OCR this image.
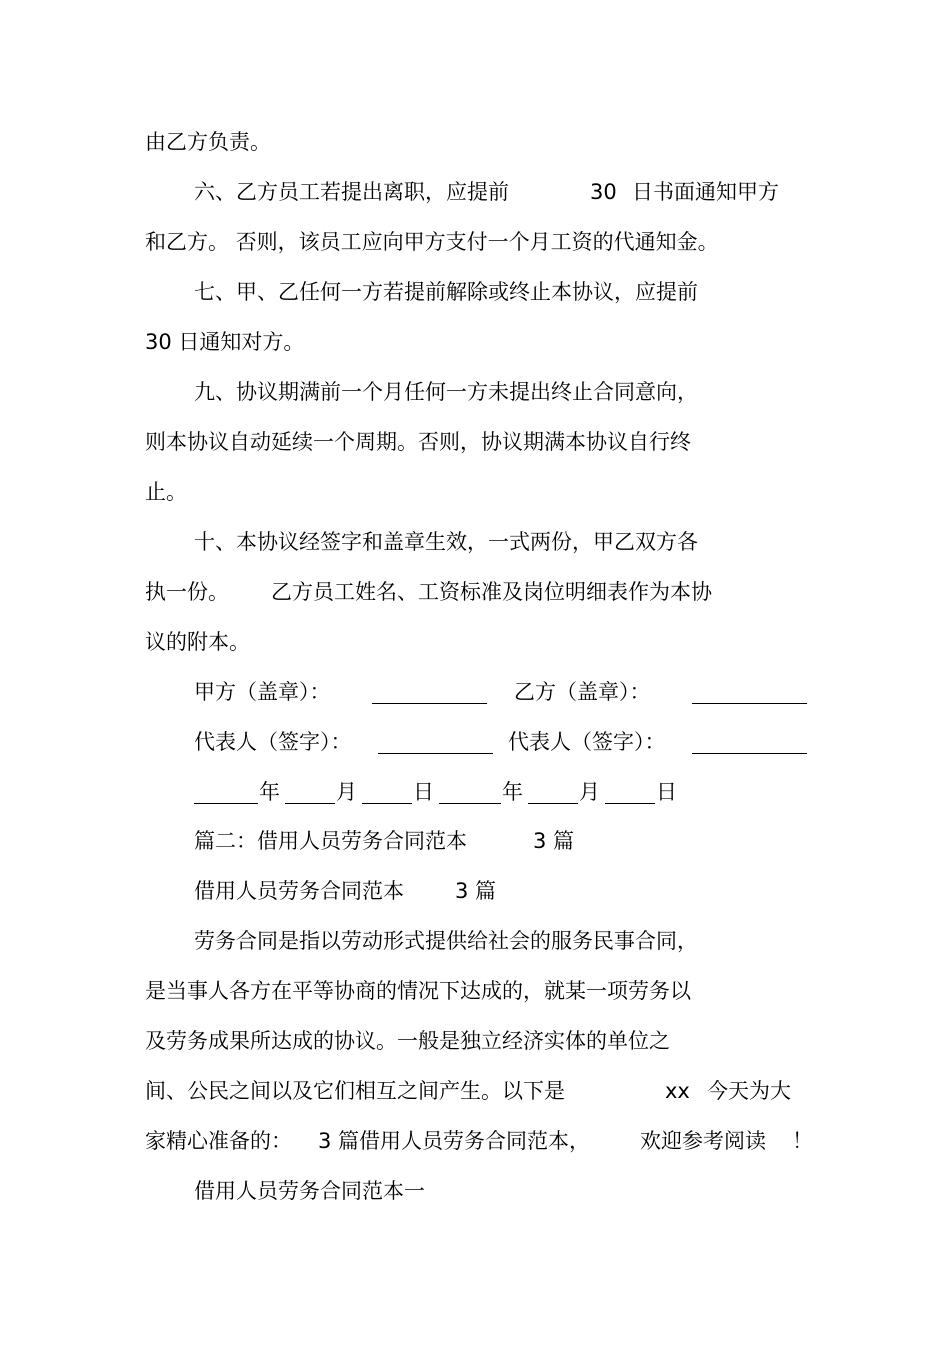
由乙方负责。
六、乙方员工若提出离职，应提前	30 日书面通知甲方
和乙方。 否则，该员工应向甲方支付一个月工资的代通知金。
七、甲、乙任何一方若提前解除或终止本协议，应提前
30 日通知对方。
九、协议期满前一个月任何一方未提出终止合同意向，
则本协议自动延续一个周期。否则，协议期满本协议自行终
止。
十、本协议经签字和盖章生效，一式两份，甲乙双方各
执一份。 乙方员工姓名、工资标准及岗位明细表作为本协
议的附本。
甲方（盖章）：	乙方（盖章）：
代表人（签字）：	代表人（签字）：
年	月	日	年	月	日
篇二：借用人员劳务合同范本	3 篇
借用人员劳务合同范本 3 篇
劳务合同是指以劳动形式提供给社会的服务民事合同，
是当事人各方在平等协商的情况下达成的，就某一项劳务以
及劳务成果所达成的协议。一般是独立经济实体的单位之
间、公民之间以及它们相互之间产生。以下是	xx 今天为大
家精心准备的： 3 篇借用人员劳务合同范本， 欢迎参考阅读 ！
借用人员劳务合同范本一
